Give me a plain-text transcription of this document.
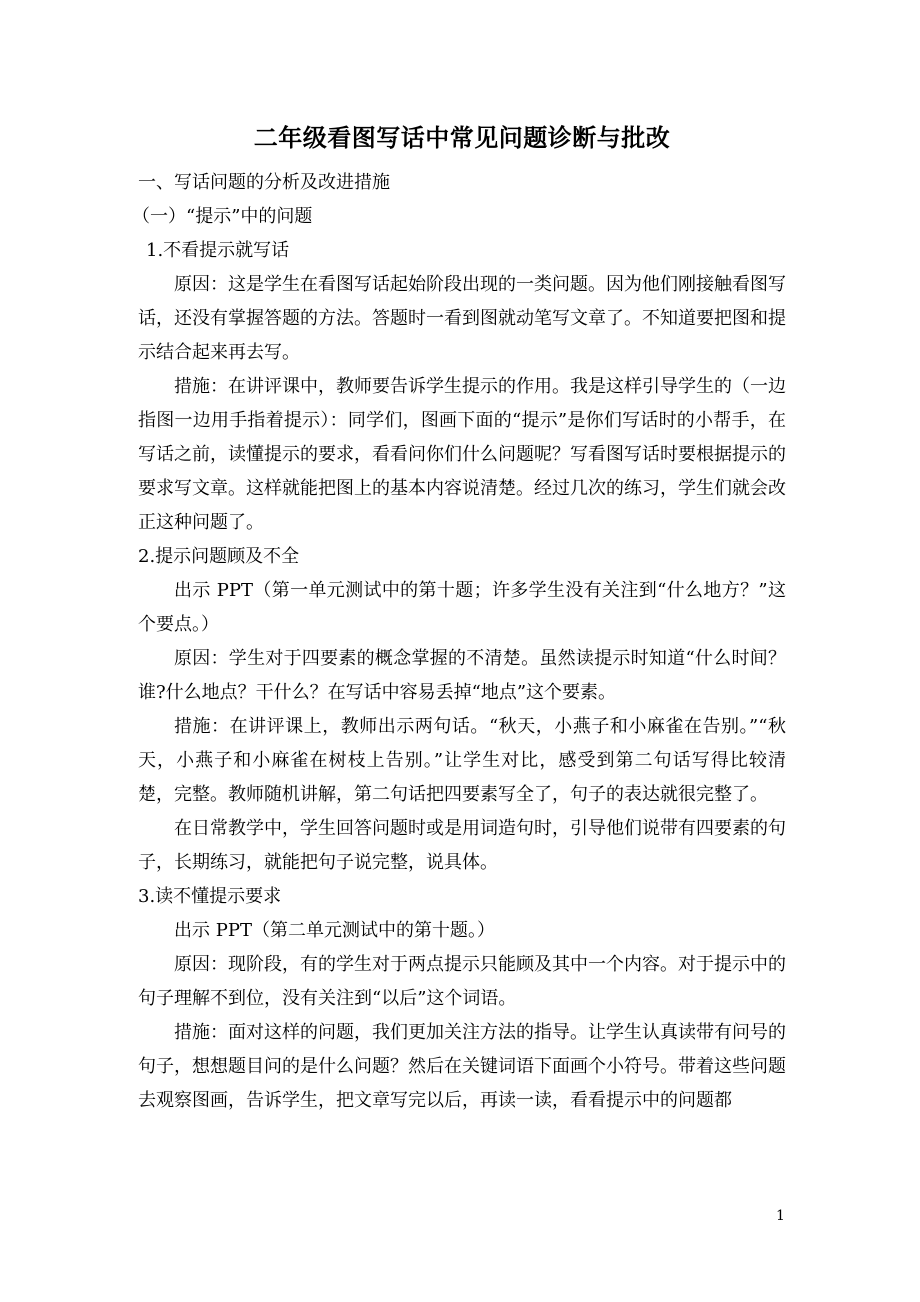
二年级看图写话中常见问题诊断与批改

一、写话问题的分析及改进措施

（一）“提示”中的问题

1.不看提示就写话

原因：这是学生在看图写话起始阶段出现的一类问题。因为他们刚接触看图写话，还没有掌握答题的方法。答题时一看到图就动笔写文章了。不知道要把图和提示结合起来再去写。

措施：在讲评课中，教师要告诉学生提示的作用。我是这样引导学生的（一边指图一边用手指着提示）：同学们，图画下面的“提示”是你们写话时的小帮手，在写话之前，读懂提示的要求，看看问你们什么问题呢？写看图写话时要根据提示的要求写文章。这样就能把图上的基本内容说清楚。经过几次的练习，学生们就会改正这种问题了。

2.提示问题顾及不全

出示 PPT（第一单元测试中的第十题；许多学生没有关注到“什么地方？”这个要点。）

原因：学生对于四要素的概念掌握的不清楚。虽然读提示时知道“什么时间？谁?什么地点？干什么？在写话中容易丢掉“地点”这个要素。

措施：在讲评课上，教师出示两句话。“秋天，小燕子和小麻雀在告别。”“秋天，小燕子和小麻雀在树枝上告别。”让学生对比，感受到第二句话写得比较清楚，完整。教师随机讲解，第二句话把四要素写全了，句子的表达就很完整了。

在日常教学中，学生回答问题时或是用词造句时，引导他们说带有四要素的句子，长期练习，就能把句子说完整，说具体。

3.读不懂提示要求

出示 PPT（第二单元测试中的第十题。）

原因：现阶段，有的学生对于两点提示只能顾及其中一个内容。对于提示中的句子理解不到位，没有关注到“以后”这个词语。

措施：面对这样的问题，我们更加关注方法的指导。让学生认真读带有问号的句子，想想题目问的是什么问题？然后在关键词语下面画个小符号。带着这些问题去观察图画，告诉学生，把文章写完以后，再读一读，看看提示中的问题都

1
